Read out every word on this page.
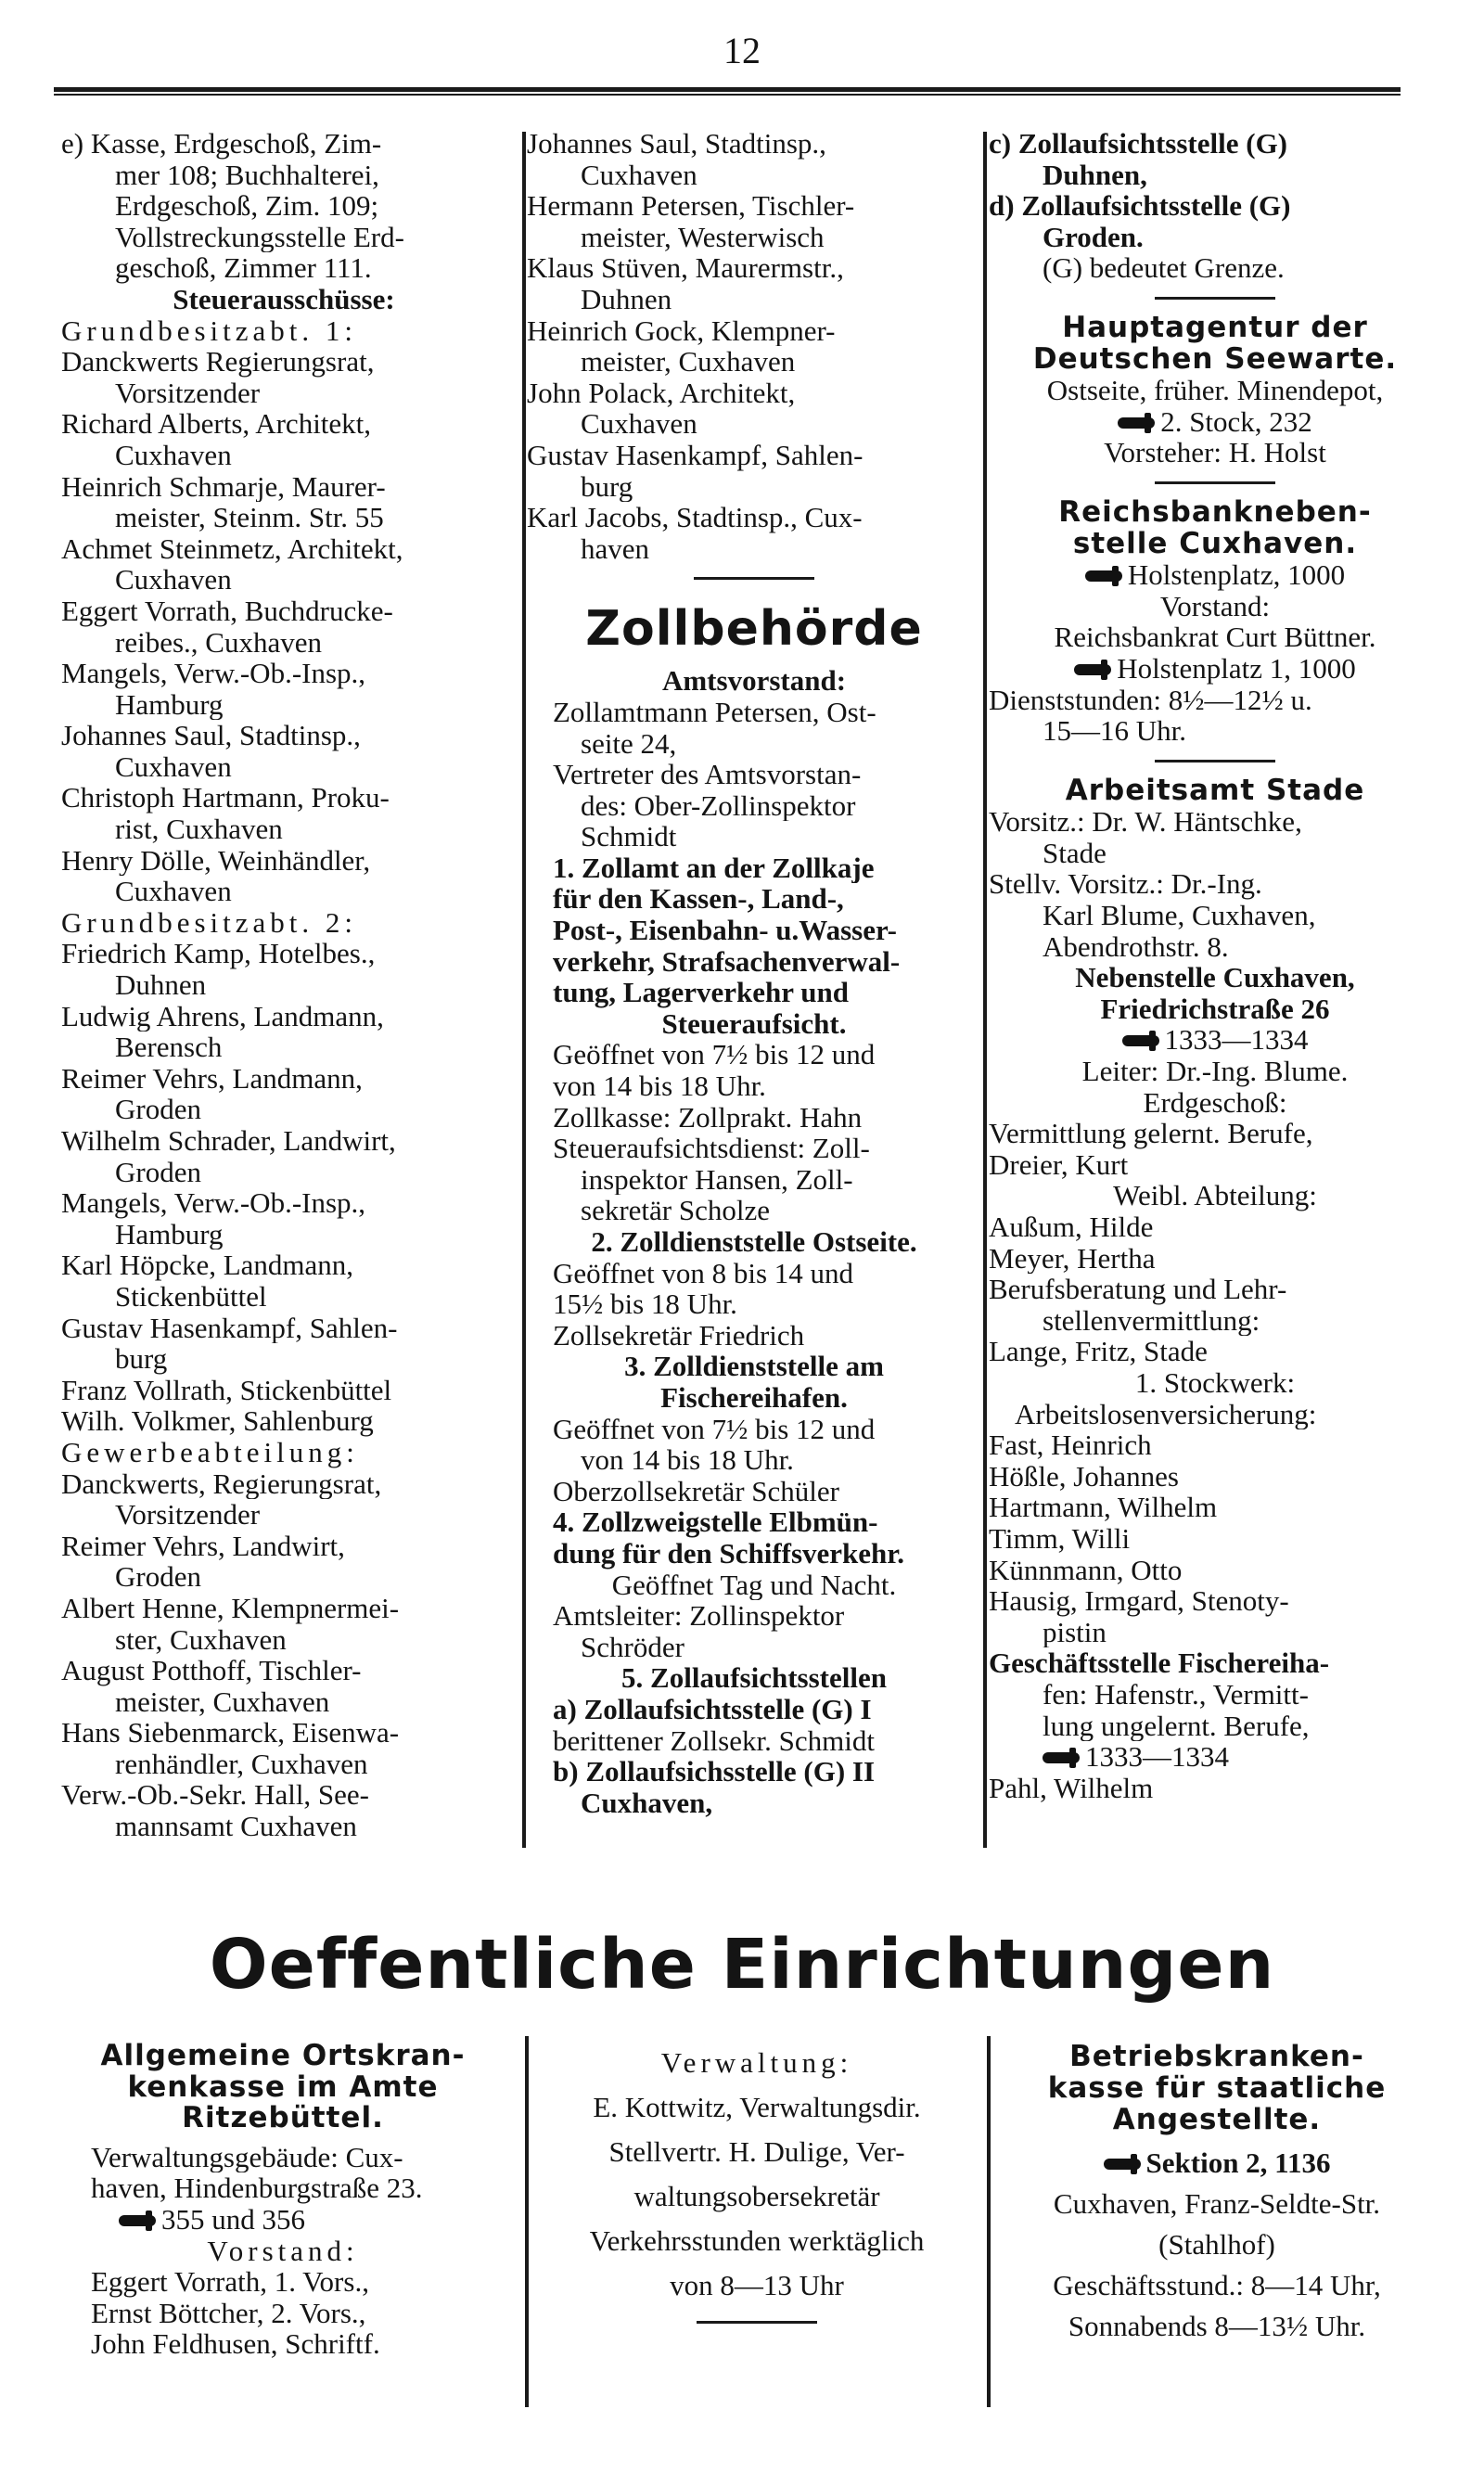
12
e) Kasse, Erdgeschoß, Zim-
mer 108; Buchhalterei,
Erdgeschoß, Zim. 109;
Vollstreckungsstelle Erd-
geschoß, Zimmer 111.
Steuerausschüsse:
Grundbesitzabt. 1:
Danckwerts Regierungsrat,
Vorsitzender
Richard Alberts, Architekt,
Cuxhaven
Heinrich Schmarje, Maurer-
meister, Steinm. Str. 55
Achmet Steinmetz, Architekt,
Cuxhaven
Eggert Vorrath, Buchdrucke-
reibes., Cuxhaven
Mangels, Verw.-Ob.-Insp.,
Hamburg
Johannes Saul, Stadtinsp.,
Cuxhaven
Christoph Hartmann, Proku-
rist, Cuxhaven
Henry Dölle, Weinhändler,
Cuxhaven
Grundbesitzabt. 2:
Friedrich Kamp, Hotelbes.,
Duhnen
Ludwig Ahrens, Landmann,
Berensch
Reimer Vehrs, Landmann,
Groden
Wilhelm Schrader, Landwirt,
Groden
Mangels, Verw.-Ob.-Insp.,
Hamburg
Karl Höpcke, Landmann,
Stickenbüttel
Gustav Hasenkampf, Sahlen-
burg
Franz Vollrath, Stickenbüttel
Wilh. Volkmer, Sahlenburg
Gewerbeabteilung:
Danckwerts, Regierungsrat,
Vorsitzender
Reimer Vehrs, Landwirt,
Groden
Albert Henne, Klempnermei-
ster, Cuxhaven
August Potthoff, Tischler-
meister, Cuxhaven
Hans Siebenmarck, Eisenwa-
renhändler, Cuxhaven
Verw.-Ob.-Sekr. Hall, See-
mannsamt Cuxhaven
Johannes Saul, Stadtinsp.,
Cuxhaven
Hermann Petersen, Tischler-
meister, Westerwisch
Klaus Stüven, Maurermstr.,
Duhnen
Heinrich Gock, Klempner-
meister, Cuxhaven
John Polack, Architekt,
Cuxhaven
Gustav Hasenkampf, Sahlen-
burg
Karl Jacobs, Stadtinsp., Cux-
haven
Zollbehörde
Amtsvorstand:
Zollamtmann Petersen, Ost-
seite 24,
Vertreter des Amtsvorstan-
des: Ober-Zollinspektor
Schmidt
1. Zollamt an der Zollkaje
für den Kassen-, Land-,
Post-, Eisenbahn- u.Wasser-
verkehr, Strafsachenverwal-
tung, Lagerverkehr und
Steueraufsicht.
Geöffnet von 7½ bis 12 und
von 14 bis 18 Uhr.
Zollkasse: Zollprakt. Hahn
Steueraufsichtsdienst: Zoll-
inspektor Hansen, Zoll-
sekretär Scholze
2. Zolldienststelle Ostseite.
Geöffnet von 8 bis 14 und
15½ bis 18 Uhr.
Zollsekretär Friedrich
3. Zolldienststelle am
Fischereihafen.
Geöffnet von 7½ bis 12 und
von 14 bis 18 Uhr.
Oberzollsekretär Schüler
4. Zollzweigstelle Elbmün-
dung für den Schiffsverkehr.
Geöffnet Tag und Nacht.
Amtsleiter: Zollinspektor
Schröder
5. Zollaufsichtsstellen
a) Zollaufsichtsstelle (G) I
berittener Zollsekr. Schmidt
b) Zollaufsichsstelle (G) II
Cuxhaven,
c) Zollaufsichtsstelle (G)
Duhnen,
d) Zollaufsichtsstelle (G)
Groden.
(G) bedeutet Grenze.
Hauptagentur der
Deutschen Seewarte.
Ostseite, früher. Minendepot,
2. Stock, 232
Vorsteher: H. Holst
Reichsbankneben-
stelle Cuxhaven.
Holstenplatz, 1000
Vorstand:
Reichsbankrat Curt Büttner.
Holstenplatz 1, 1000
Dienststunden: 8½—12½ u.
15—16 Uhr.
Arbeitsamt Stade
Vorsitz.: Dr. W. Häntschke,
Stade
Stellv. Vorsitz.: Dr.-Ing.
Karl Blume, Cuxhaven,
Abendrothstr. 8.
Nebenstelle Cuxhaven,
Friedrichstraße 26
1333—1334
Leiter: Dr.-Ing. Blume.
Erdgeschoß:
Vermittlung gelernt. Berufe,
Dreier, Kurt
Weibl. Abteilung:
Außum, Hilde
Meyer, Hertha
Berufsberatung und Lehr-
stellenvermittlung:
Lange, Fritz, Stade
1. Stockwerk:
Arbeitslosenversicherung:
Fast, Heinrich
Hößle, Johannes
Hartmann, Wilhelm
Timm, Willi
Künnmann, Otto
Hausig, Irmgard, Stenoty-
pistin
Geschäftsstelle Fischereiha-
fen: Hafenstr., Vermitt-
lung ungelernt. Berufe,
1333—1334
Pahl, Wilhelm
Oeffentliche Einrichtungen
Allgemeine Ortskran-
kenkasse im Amte
Ritzebüttel.
Verwaltungsgebäude: Cux-
haven, Hindenburgstraße 23.
355 und 356
Vorstand:
Eggert Vorrath, 1. Vors.,
Ernst Böttcher, 2. Vors.,
John Feldhusen, Schriftf.
Verwaltung:
E. Kottwitz, Verwaltungsdir.
Stellvertr. H. Dulige, Ver-
waltungsobersekretär
Verkehrsstunden werktäglich
von 8—13 Uhr
Betriebskranken-
kasse für staatliche
Angestellte.
Sektion 2, 1136
Cuxhaven, Franz-Seldte-Str.
(Stahlhof)
Geschäftsstund.: 8—14 Uhr,
Sonnabends 8—13½ Uhr.
